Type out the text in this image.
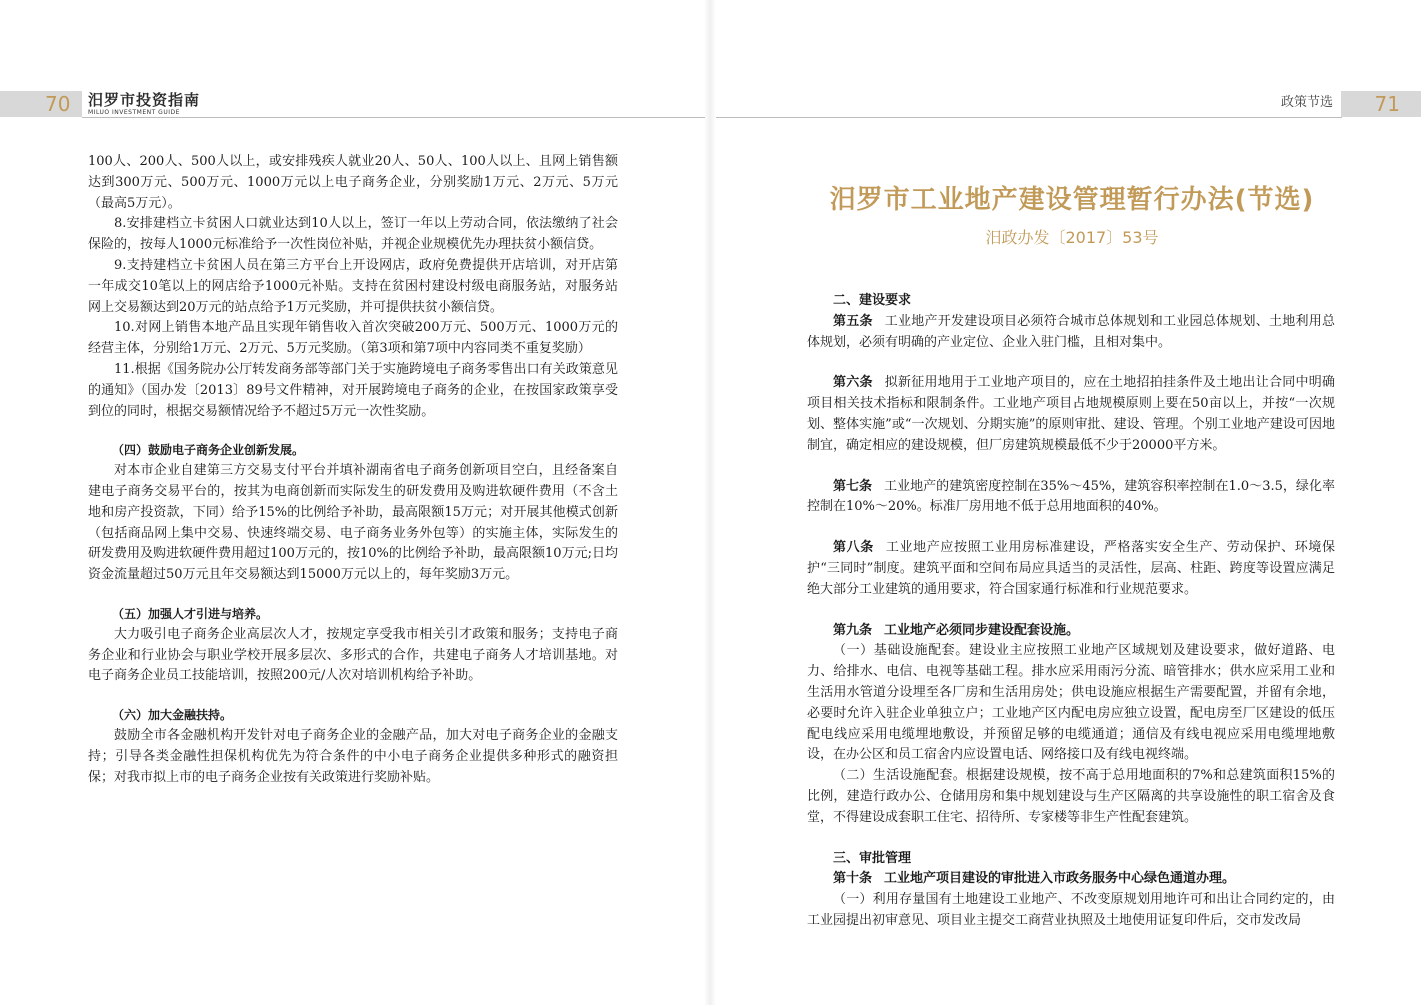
70 汨罗市投资指南
MILUO INVESTMENT GUIDE

100人、200人、500人以上，或安排残疾人就业20人、50人、100人以上、且网上销售额达到300万元、500万元、1000万元以上电子商务企业，分别奖励1万元、2万元、5万元（最高5万元）。

8.安排建档立卡贫困人口就业达到10人以上，签订一年以上劳动合同，依法缴纳了社会保险的，按每人1000元标准给予一次性岗位补贴，并视企业规模优先办理扶贫小额信贷。

9.支持建档立卡贫困人员在第三方平台上开设网店，政府免费提供开店培训，对开店第一年成交10笔以上的网店给予1000元补贴。支持在贫困村建设村级电商服务站，对服务站网上交易额达到20万元的站点给予1万元奖励，并可提供扶贫小额信贷。

10.对网上销售本地产品且实现年销售收入首次突破200万元、500万元、1000万元的经营主体，分别给1万元、2万元、5万元奖励。（第3项和第7项中内容同类不重复奖励）

11.根据《国务院办公厅转发商务部等部门关于实施跨境电子商务零售出口有关政策意见的通知》（国办发〔2013〕89号文件精神，对开展跨境电子商务的企业，在按国家政策享受到位的同时，根据交易额情况给予不超过5万元一次性奖励。

（四）鼓励电子商务企业创新发展。

对本市企业自建第三方交易支付平台并填补湖南省电子商务创新项目空白，且经备案自建电子商务交易平台的，按其为电商创新而实际发生的研发费用及购进软硬件费用（不含土地和房产投资款，下同）给予15%的比例给予补助，最高限额15万元；对开展其他模式创新（包括商品网上集中交易、快速终端交易、电子商务业务外包等）的实施主体，实际发生的研发费用及购进软硬件费用超过100万元的，按10%的比例给予补助，最高限额10万元;日均资金流量超过50万元且年交易额达到15000万元以上的，每年奖励3万元。

（五）加强人才引进与培养。

大力吸引电子商务企业高层次人才，按规定享受我市相关引才政策和服务；支持电子商务企业和行业协会与职业学校开展多层次、多形式的合作，共建电子商务人才培训基地。对电子商务企业员工技能培训，按照200元/人次对培训机构给予补助。

（六）加大金融扶持。

鼓励全市各金融机构开发针对电子商务企业的金融产品，加大对电子商务企业的金融支持；引导各类金融性担保机构优先为符合条件的中小电子商务企业提供多种形式的融资担保；对我市拟上市的电子商务企业按有关政策进行奖励补贴。

政策节选 71
汨罗市工业地产建设管理暂行办法(节选)
汨政办发〔2017〕53号

二、建设要求

第五条 工业地产开发建设项目必须符合城市总体规划和工业园总体规划、土地利用总体规划，必须有明确的产业定位、企业入驻门槛，且相对集中。

第六条 拟新征用地用于工业地产项目的，应在土地招拍挂条件及土地出让合同中明确项目相关技术指标和限制条件。工业地产项目占地规模原则上要在50亩以上，并按“一次规划、整体实施”或“一次规划、分期实施”的原则审批、建设、管理。个别工业地产建设可因地制宜，确定相应的建设规模，但厂房建筑规模最低不少于20000平方米。

第七条 工业地产的建筑密度控制在35%～45%，建筑容积率控制在1.0～3.5，绿化率控制在10%～20%。标准厂房用地不低于总用地面积的40%。

第八条 工业地产应按照工业用房标准建设，严格落实安全生产、劳动保护、环境保护“三同时”制度。建筑平面和空间布局应具适当的灵活性，层高、柱距、跨度等设置应满足绝大部分工业建筑的通用要求，符合国家通行标准和行业规范要求。

第九条 工业地产必须同步建设配套设施。

（一）基础设施配套。建设业主应按照工业地产区域规划及建设要求，做好道路、电力、给排水、电信、电视等基础工程。排水应采用雨污分流、暗管排水；供水应采用工业和生活用水管道分设埋至各厂房和生活用房处；供电设施应根据生产需要配置，并留有余地，必要时允许入驻企业单独立户；工业地产区内配电房应独立设置，配电房至厂区建设的低压配电线应采用电缆埋地敷设，并预留足够的电缆通道；通信及有线电视应采用电缆埋地敷设，在办公区和员工宿舍内应设置电话、网络接口及有线电视终端。

（二）生活设施配套。根据建设规模，按不高于总用地面积的7%和总建筑面积15%的比例，建造行政办公、仓储用房和集中规划建设与生产区隔离的共享设施性的职工宿舍及食堂，不得建设成套职工住宅、招待所、专家楼等非生产性配套建筑。

三、审批管理

第十条 工业地产项目建设的审批进入市政务服务中心绿色通道办理。

（一）利用存量国有土地建设工业地产、不改变原规划用地许可和出让合同约定的，由工业园提出初审意见、项目业主提交工商营业执照及土地使用证复印件后，交市发改局
